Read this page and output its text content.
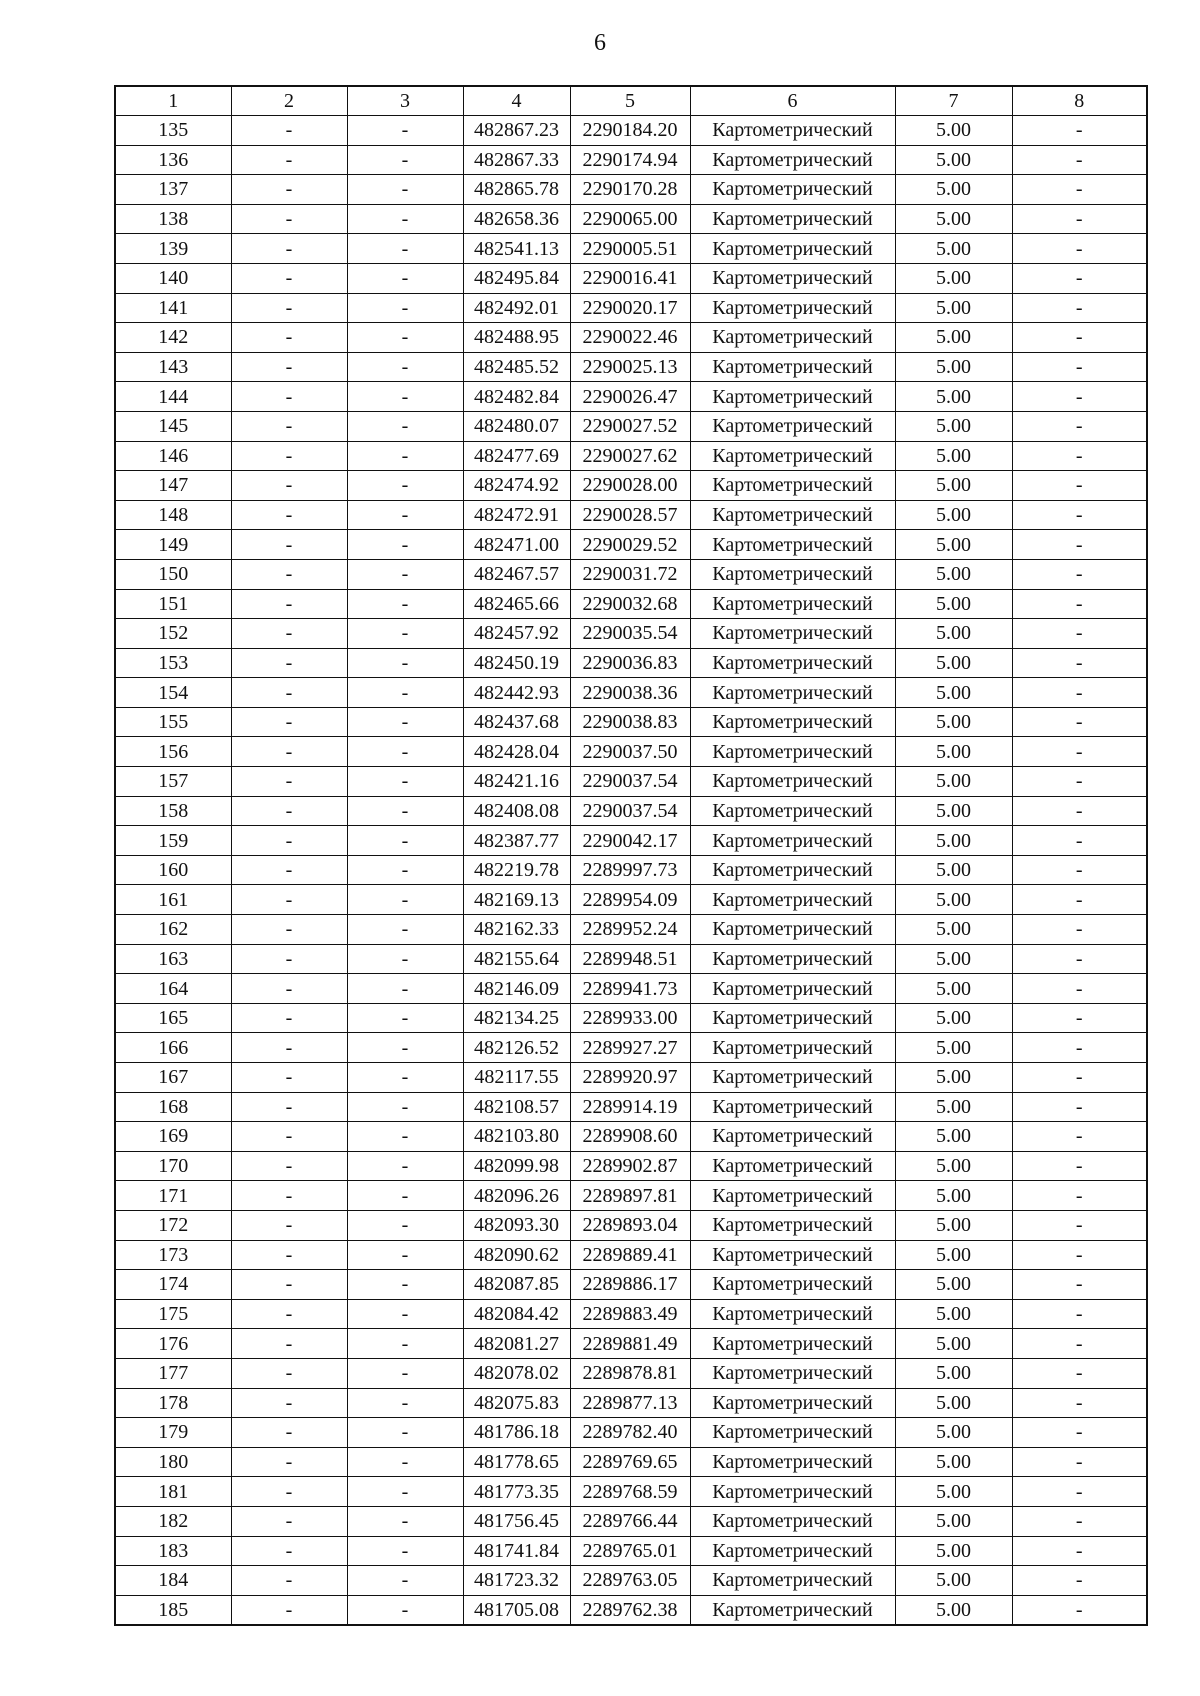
6
1	2	3	4	5	6	7	8
135	-	-	482867.23	2290184.20	Картометрический	5.00	-
136	-	-	482867.33	2290174.94	Картометрический	5.00	-
137	-	-	482865.78	2290170.28	Картометрический	5.00	-
138	-	-	482658.36	2290065.00	Картометрический	5.00	-
139	-	-	482541.13	2290005.51	Картометрический	5.00	-
140	-	-	482495.84	2290016.41	Картометрический	5.00	-
141	-	-	482492.01	2290020.17	Картометрический	5.00	-
142	-	-	482488.95	2290022.46	Картометрический	5.00	-
143	-	-	482485.52	2290025.13	Картометрический	5.00	-
144	-	-	482482.84	2290026.47	Картометрический	5.00	-
145	-	-	482480.07	2290027.52	Картометрический	5.00	-
146	-	-	482477.69	2290027.62	Картометрический	5.00	-
147	-	-	482474.92	2290028.00	Картометрический	5.00	-
148	-	-	482472.91	2290028.57	Картометрический	5.00	-
149	-	-	482471.00	2290029.52	Картометрический	5.00	-
150	-	-	482467.57	2290031.72	Картометрический	5.00	-
151	-	-	482465.66	2290032.68	Картометрический	5.00	-
152	-	-	482457.92	2290035.54	Картометрический	5.00	-
153	-	-	482450.19	2290036.83	Картометрический	5.00	-
154	-	-	482442.93	2290038.36	Картометрический	5.00	-
155	-	-	482437.68	2290038.83	Картометрический	5.00	-
156	-	-	482428.04	2290037.50	Картометрический	5.00	-
157	-	-	482421.16	2290037.54	Картометрический	5.00	-
158	-	-	482408.08	2290037.54	Картометрический	5.00	-
159	-	-	482387.77	2290042.17	Картометрический	5.00	-
160	-	-	482219.78	2289997.73	Картометрический	5.00	-
161	-	-	482169.13	2289954.09	Картометрический	5.00	-
162	-	-	482162.33	2289952.24	Картометрический	5.00	-
163	-	-	482155.64	2289948.51	Картометрический	5.00	-
164	-	-	482146.09	2289941.73	Картометрический	5.00	-
165	-	-	482134.25	2289933.00	Картометрический	5.00	-
166	-	-	482126.52	2289927.27	Картометрический	5.00	-
167	-	-	482117.55	2289920.97	Картометрический	5.00	-
168	-	-	482108.57	2289914.19	Картометрический	5.00	-
169	-	-	482103.80	2289908.60	Картометрический	5.00	-
170	-	-	482099.98	2289902.87	Картометрический	5.00	-
171	-	-	482096.26	2289897.81	Картометрический	5.00	-
172	-	-	482093.30	2289893.04	Картометрический	5.00	-
173	-	-	482090.62	2289889.41	Картометрический	5.00	-
174	-	-	482087.85	2289886.17	Картометрический	5.00	-
175	-	-	482084.42	2289883.49	Картометрический	5.00	-
176	-	-	482081.27	2289881.49	Картометрический	5.00	-
177	-	-	482078.02	2289878.81	Картометрический	5.00	-
178	-	-	482075.83	2289877.13	Картометрический	5.00	-
179	-	-	481786.18	2289782.40	Картометрический	5.00	-
180	-	-	481778.65	2289769.65	Картометрический	5.00	-
181	-	-	481773.35	2289768.59	Картометрический	5.00	-
182	-	-	481756.45	2289766.44	Картометрический	5.00	-
183	-	-	481741.84	2289765.01	Картометрический	5.00	-
184	-	-	481723.32	2289763.05	Картометрический	5.00	-
185	-	-	481705.08	2289762.38	Картометрический	5.00	-
